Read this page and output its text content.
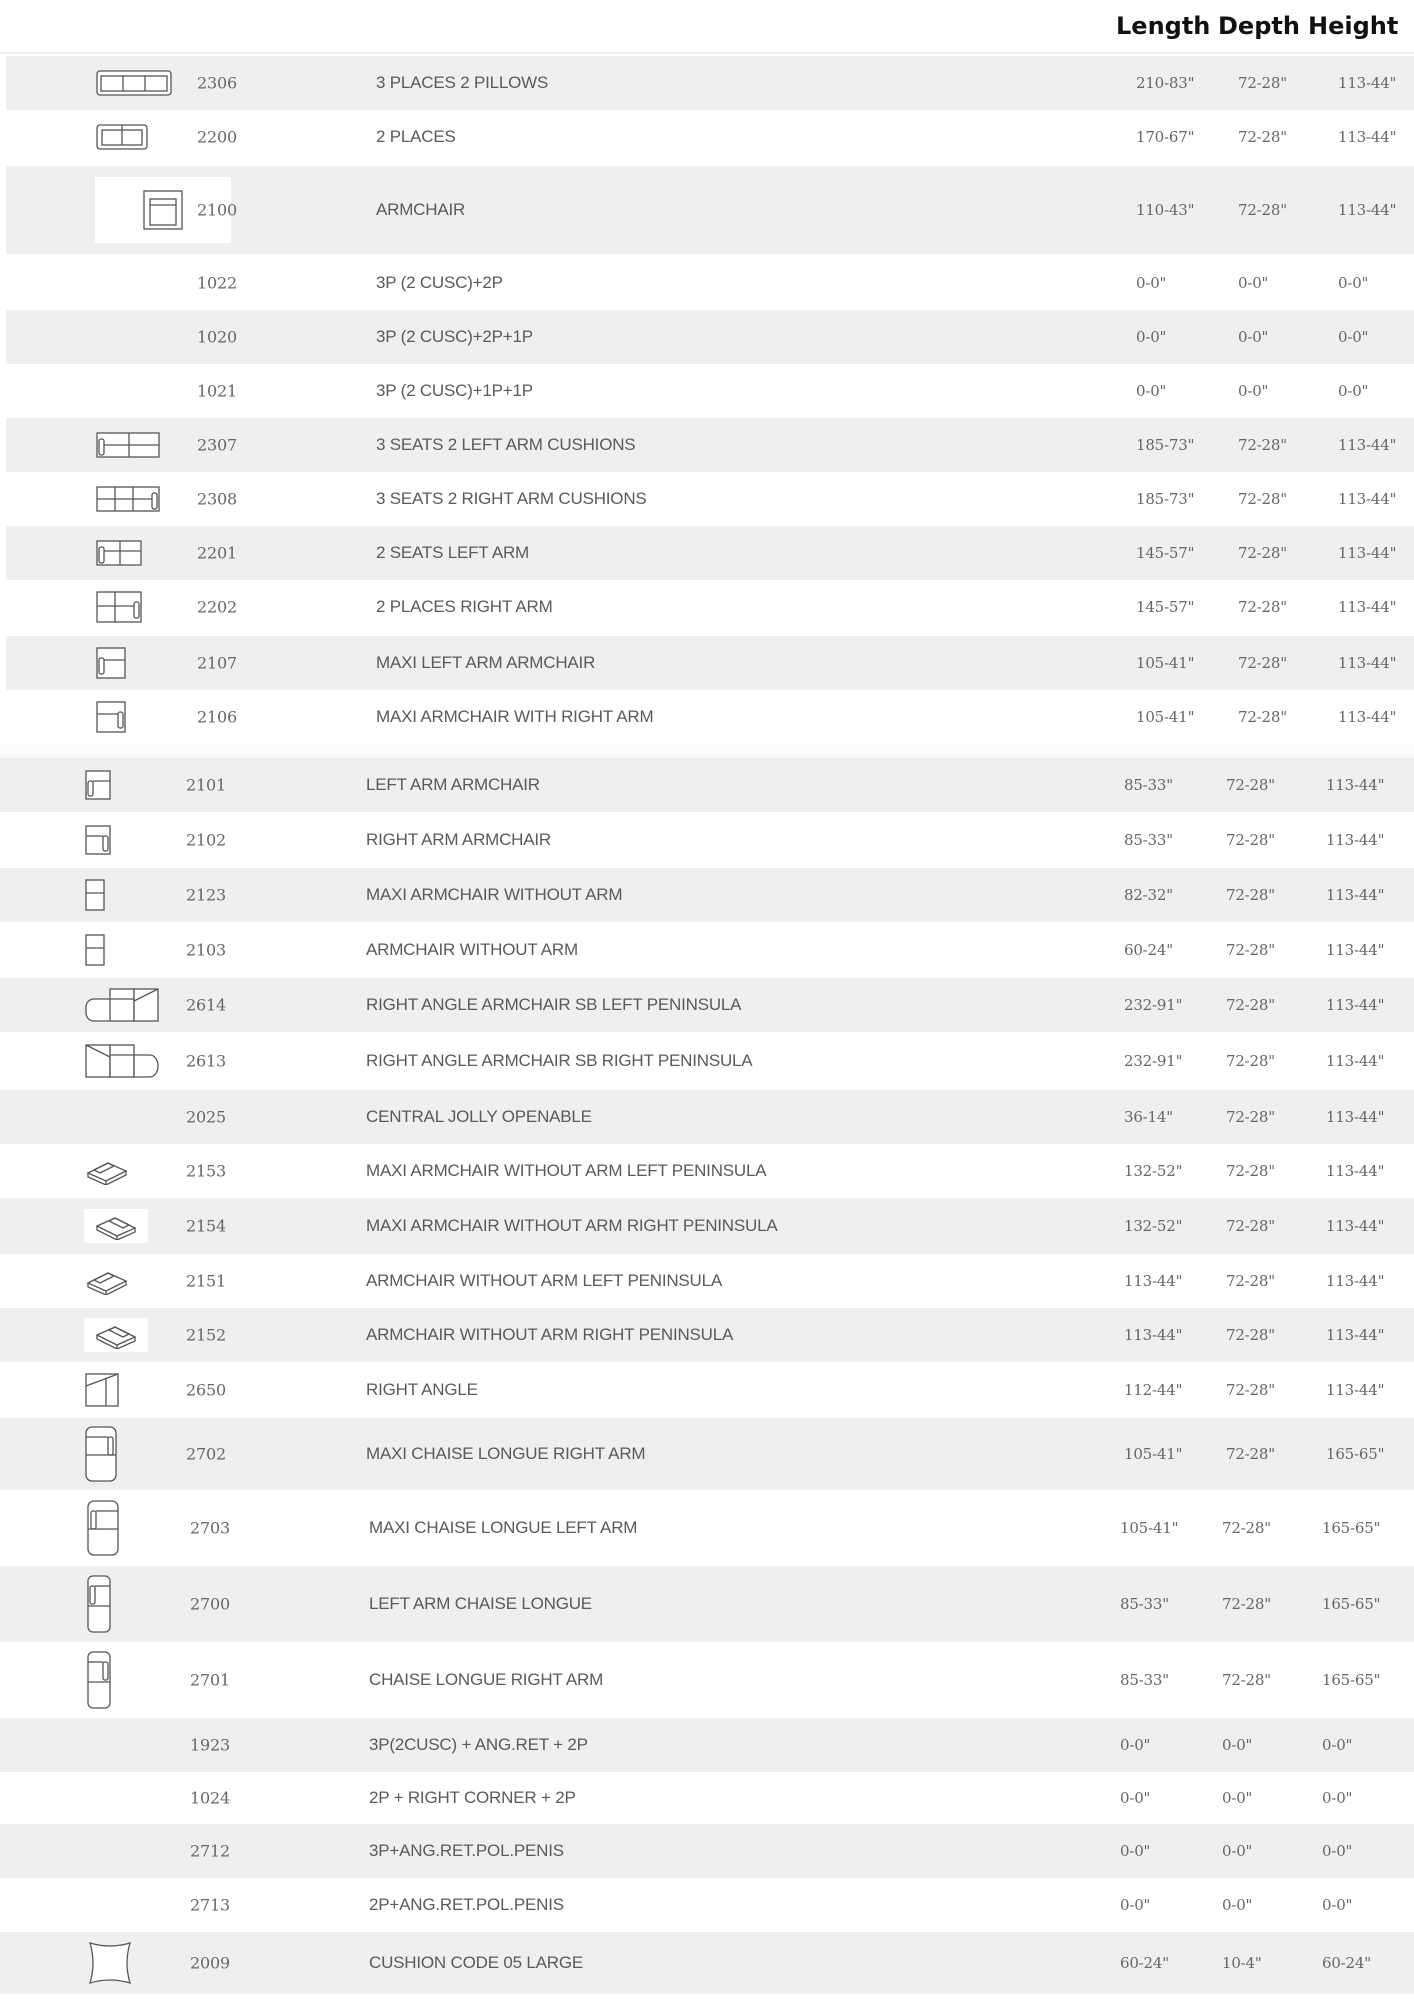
Length Depth Height
2306	3 PLACES 2 PILLOWS	210-83"	72-28"	113-44"
2200	2 PLACES	170-67"	72-28"	113-44"
2100	ARMCHAIR	110-43"	72-28"	113-44"
1022	3P (2 CUSC)+2P	0-0"	0-0"	0-0"
1020	3P (2 CUSC)+2P+1P	0-0"	0-0"	0-0"
1021	3P (2 CUSC)+1P+1P	0-0"	0-0"	0-0"
2307	3 SEATS 2 LEFT ARM CUSHIONS	185-73"	72-28"	113-44"
2308	3 SEATS 2 RIGHT ARM CUSHIONS	185-73"	72-28"	113-44"
2201	2 SEATS LEFT ARM	145-57"	72-28"	113-44"
2202	2 PLACES RIGHT ARM	145-57"	72-28"	113-44"
2107	MAXI LEFT ARM ARMCHAIR	105-41"	72-28"	113-44"
2106	MAXI ARMCHAIR WITH RIGHT ARM	105-41"	72-28"	113-44"
2101	LEFT ARM ARMCHAIR	85-33"	72-28"	113-44"
2102	RIGHT ARM ARMCHAIR	85-33"	72-28"	113-44"
2123	MAXI ARMCHAIR WITHOUT ARM	82-32"	72-28"	113-44"
2103	ARMCHAIR WITHOUT ARM	60-24"	72-28"	113-44"
2614	RIGHT ANGLE ARMCHAIR SB LEFT PENINSULA	232-91"	72-28"	113-44"
2613	RIGHT ANGLE ARMCHAIR SB RIGHT PENINSULA	232-91"	72-28"	113-44"
2025	CENTRAL JOLLY OPENABLE	36-14"	72-28"	113-44"
2153	MAXI ARMCHAIR WITHOUT ARM LEFT PENINSULA	132-52"	72-28"	113-44"
2154	MAXI ARMCHAIR WITHOUT ARM RIGHT PENINSULA	132-52"	72-28"	113-44"
2151	ARMCHAIR WITHOUT ARM LEFT PENINSULA	113-44"	72-28"	113-44"
2152	ARMCHAIR WITHOUT ARM RIGHT PENINSULA	113-44"	72-28"	113-44"
2650	RIGHT ANGLE	112-44"	72-28"	113-44"
2702	MAXI CHAISE LONGUE RIGHT ARM	105-41"	72-28"	165-65"
2703	MAXI CHAISE LONGUE LEFT ARM	105-41"	72-28"	165-65"
2700	LEFT ARM CHAISE LONGUE	85-33"	72-28"	165-65"
2701	CHAISE LONGUE RIGHT ARM	85-33"	72-28"	165-65"
1923	3P(2CUSC) + ANG.RET + 2P	0-0"	0-0"	0-0"
1024	2P + RIGHT CORNER + 2P	0-0"	0-0"	0-0"
2712	3P+ANG.RET.POL.PENIS	0-0"	0-0"	0-0"
2713	2P+ANG.RET.POL.PENIS	0-0"	0-0"	0-0"
2009	CUSHION CODE 05 LARGE	60-24"	10-4"	60-24"
